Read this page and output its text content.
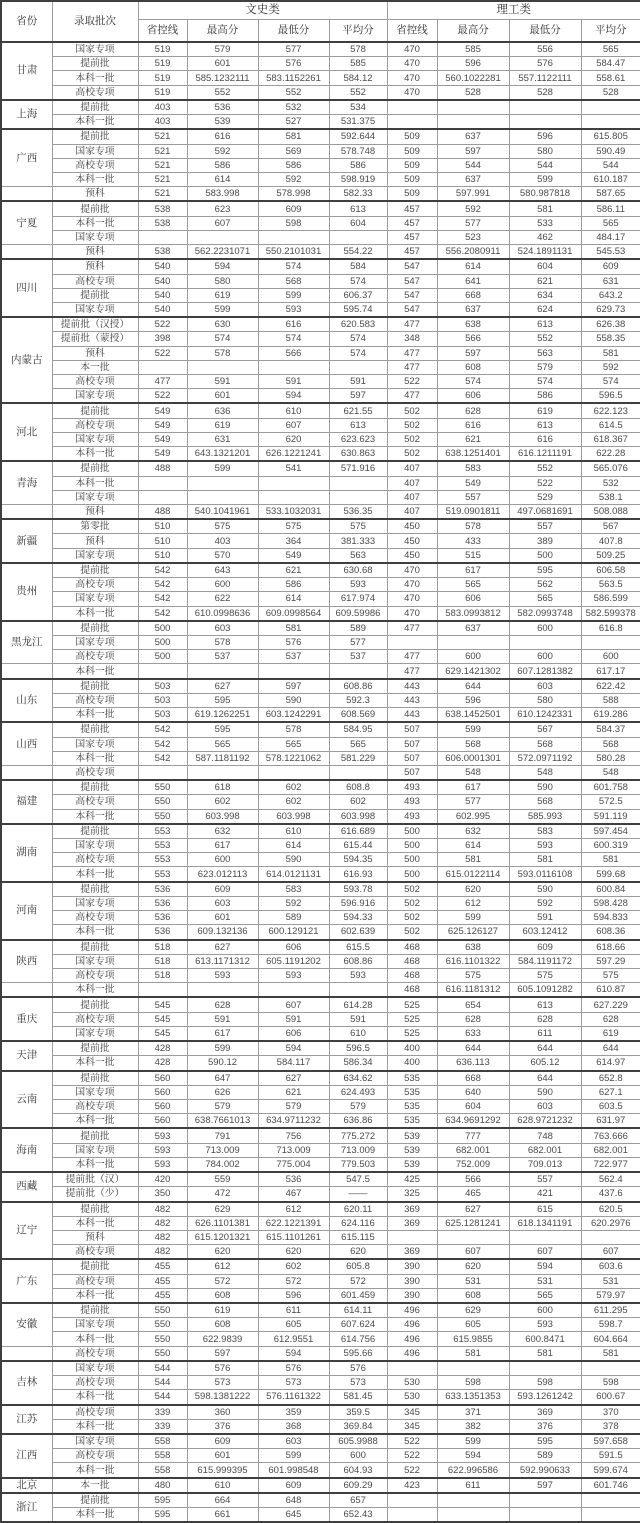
省份	录取批次	文史类				理工类			
		省控线	最高分	最低分	平均分	省控线	最高分	最低分	平均分
甘肃	国家专项	519	579	577	578	470	585	556	565
	提前批	519	601	576	585	470	596	576	584.47
	本科一批	519	585.1232111	583.1152261	584.12	470	560.1022281	557.1122111	558.61
	高校专项	519	552	552	552	470	528	528	528
上海	提前批	403	536	532	534				
	本科一批	403	539	527	531.375				
广西	提前批	521	616	581	592.644	509	637	596	615.805
	国家专项	521	592	569	578.748	509	597	580	590.49
	高校专项	521	586	586	586	509	544	544	544
	本科一批	521	614	592	598.919	509	637	599	610.187
	预科	521	583.998	578.998	582.33	509	597.991	580.987818	587.65
宁夏	提前批	538	623	609	613	457	592	581	586.11
	本科一批	538	607	598	604	457	577	533	565
	国家专项					457	523	462	484.17
	预科	538	562.2231071	550.2101031	554.22	457	556.2080911	524.1891131	545.53
四川	预科	540	594	574	584	547	614	604	609
	高校专项	540	580	568	574	547	641	621	631
	提前批	540	619	599	606.37	547	668	634	643.2
	国家专项	540	599	593	595.74	547	637	624	629.73
内蒙古	提前批（汉授）	522	630	616	620.583	477	638	613	626.38
	提前批（蒙授）	398	574	574	574	348	566	552	558.35
	预科	522	578	566	574	477	597	563	581
	本一批					477	608	579	592
	高校专项	477	591	591	591	522	574	574	574
	国家专项	522	601	594	597	477	606	586	596.5
河北	提前批	549	636	610	621.55	502	628	619	622.123
	高校专项	549	619	607	613	502	616	613	614.5
	国家专项	549	631	620	623.623	502	621	616	618.367
	本科一批	549	643.1321201	626.1221241	630.863	502	638.1251401	616.1211191	622.28
青海	提前批	488	599	541	571.916	407	583	552	565.076
	本科一批					407	549	522	532
	国家专项					407	557	529	538.1
	预科	488	540.1041961	533.1032031	536.35	407	519.0901811	497.0681691	508.088
新疆	第零批	510	575	575	575	450	578	557	567
	预科	510	403	364	381.333	450	433	389	407.8
	国家专项	510	570	549	563	450	515	500	509.25
贵州	提前批	542	643	621	630.68	470	617	595	606.58
	高校专项	542	600	586	593	470	565	562	563.5
	国家专项	542	622	614	617.974	470	606	565	586.599
	本科一批	542	610.0998636	609.0998564	609.59986	470	583.0993812	582.0993748	582.599378
黑龙江	提前批	500	603	581	589	477	637	600	616.8
	国家专项	500	578	576	577				
	高校专项	500	537	537	537	477	600	600	600
	本科一批					477	629.1421302	607.1281382	617.17
山东	提前批	503	627	597	608.86	443	644	603	622.42
	高校专项	503	595	590	592.3	443	596	580	588
	本科一批	503	619.1262251	603.1242291	608.569	443	638.1452501	610.1242331	619.286
山西	提前批	542	595	578	584.95	507	599	567	584.37
	国家专项	542	565	565	565	507	568	568	568
	本科一批	542	587.1181192	578.1221062	581.229	507	606.0001301	572.0971192	580.28
	高校专项					507	548	548	548
福建	提前批	550	618	602	608.8	493	617	590	601.758
	高校专项	550	602	602	602	493	577	568	572.5
	本科一批	550	603.998	603.998	603.998	493	602.995	585.993	591.119
湖南	提前批	553	632	610	616.689	500	632	583	597.454
	国家专项	553	617	614	615.44	500	614	593	600.319
	高校专项	553	600	590	594.35	500	581	581	581
	本科一批	553	623.012113	614.0121131	616.93	500	615.0122114	593.0116108	599.68
河南	提前批	536	609	583	593.78	502	620	590	600.84
	国家专项	536	603	592	596.916	502	612	592	598.428
	高校专项	536	601	589	594.33	502	599	591	594.833
	本科一批	536	609.132136	600.129121	602.639	502	625.126127	603.12412	608.36
陕西	提前批	518	627	606	615.5	468	638	609	618.66
	国家专项	518	613.1171312	605.1191202	608.86	468	616.1101322	584.1191172	597.29
	高校专项	518	593	593	593	468	575	575	575
	本科一批					468	616.1181312	605.1091282	610.87
重庆	提前批	545	628	607	614.28	525	654	613	627.229
	高校专项	545	591	591	591	525	628	628	628
	国家专项	545	617	606	610	525	633	611	619
天津	提前批	428	599	594	596.5	400	644	644	644
	本科一批	428	590.12	584.117	586.34	400	636.113	605.12	614.97
云南	提前批	560	647	627	634.62	535	668	644	652.8
	国家专项	560	626	621	624.493	535	640	590	627.1
	高校专项	560	579	579	579	535	604	603	603.5
	本科一批	560	638.7661013	634.9711232	636.86	535	634.9691292	628.9721232	631.97
海南	提前批	593	791	756	775.272	539	777	748	763.666
	国家专项	593	713.009	713.009	713.009	539	682.001	682.001	682.001
	本科一批	593	784.002	775.004	779.503	539	752.009	709.013	722.977
西藏	提前批（汉）	420	559	536	547.5	425	566	557	562.4
	提前批（少）	350	472	467	——	325	465	421	437.6
辽宁	提前批	482	629	612	620.11	369	627	615	620.5
	本科一批	482	626.1101381	622.1221391	624.116	369	625.1281241	618.1341191	620.2976
	预科	482	615.1201321	615.1101261	615.115				
	高校专项	482	620	620	620	369	607	607	607
广东	提前批	455	612	602	605.8	390	620	594	603.6
	高校专项	455	572	572	572	390	531	531	531
	本科一批	455	608	596	601.459	390	608	565	579.97
安徽	提前批	550	619	611	614.11	496	629	600	611.295
	国家专项	550	608	605	607.624	496	605	593	598.7
	本科一批	550	622.9839	612.9551	614.756	496	615.9855	600.8471	604.664
	高校专项	550	597	594	595.66	496	581	581	581
吉林	国家专项	544	576	576	576				
	高校专项	544	573	573	573	530	598	598	598
	本科一批	544	598.1381222	576.1161322	581.45	530	633.1351353	593.1261242	600.67
江苏	高校专项	339	360	359	359.5	345	371	369	370
	本科一批	339	376	368	369.84	345	382	376	378
江西	国家专项	558	609	603	605.9988	522	599	595	597.658
	高校专项	558	601	599	600	522	594	589	591.5
	本科一批	558	615.999395	601.998548	604.93	522	622.996586	592.990633	599.674
北京	本一批	480	610	609	609.29	423	611	597	601.746
浙江	提前批	595	664	648	657				
	本科一批	595	661	645	652.43				
